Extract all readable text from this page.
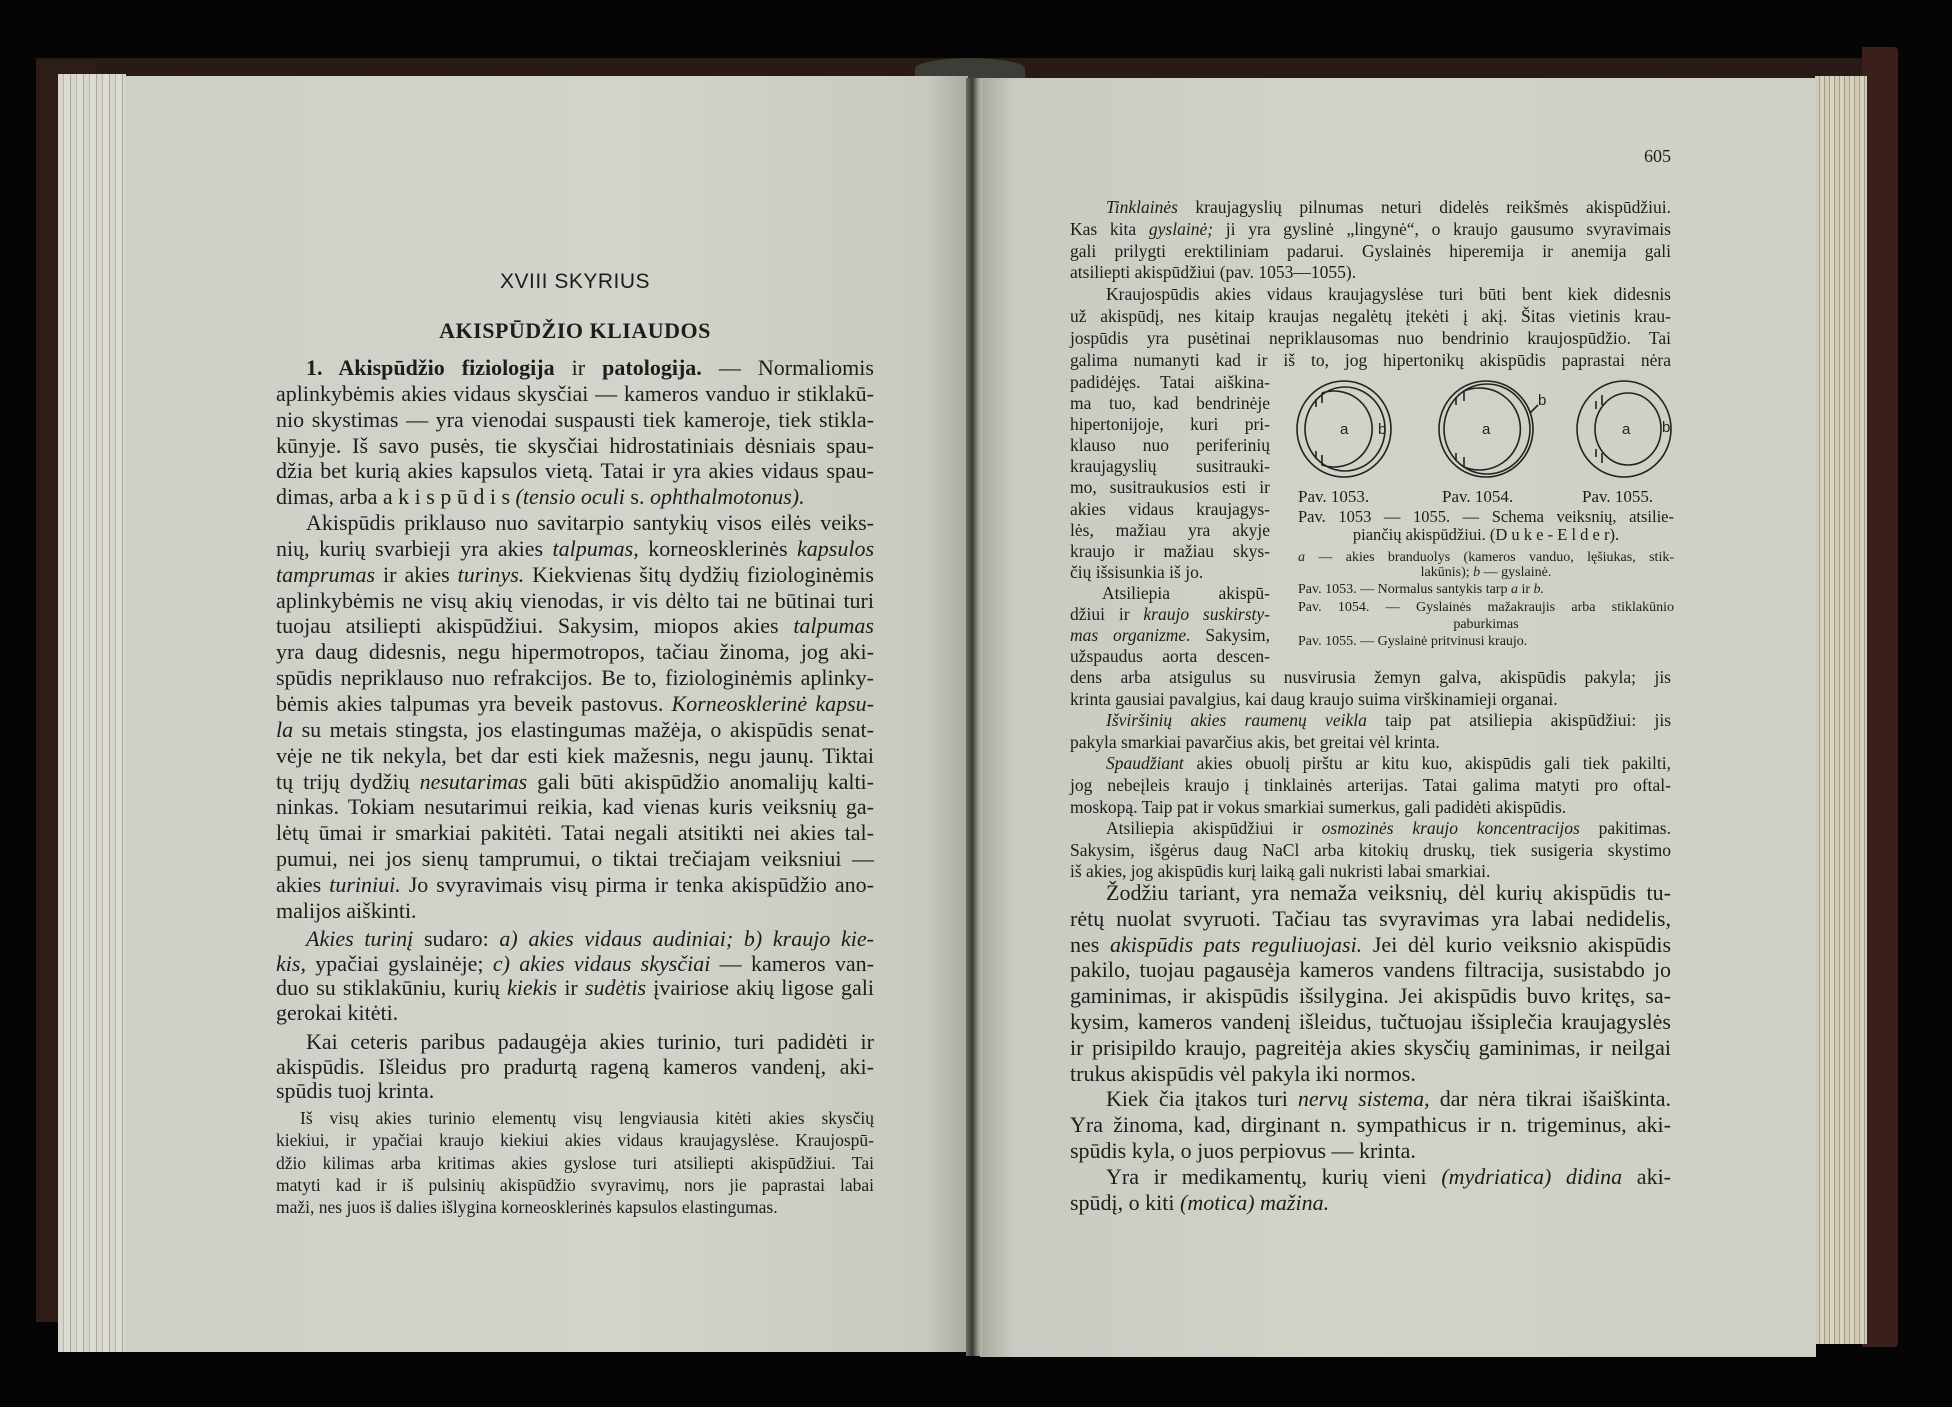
XVIII SKYRIUS
AKISPŪDŽIO KLIAUDOS
1. Akispūdžio fiziologija ir patologija. — Normaliomis
aplinkybėmis akies vidaus skysčiai — kameros vanduo ir stiklakū-
nio skystimas — yra vienodai suspausti tiek kameroje, tiek stikla-
kūnyje. Iš savo pusės, tie skysčiai hidrostatiniais dėsniais spau-
džia bet kurią akies kapsulos vietą. Tatai ir yra akies vidaus spau-
dimas, arba a k i s p ū d i s (tensio oculi s. ophthalmotonus).
Akispūdis priklauso nuo savitarpio santykių visos eilės veiks-
nių, kurių svarbieji yra akies talpumas, korneosklerinės kapsulos
tamprumas ir akies turinys. Kiekvienas šitų dydžių fiziologinėmis
aplinkybėmis ne visų akių vienodas, ir vis dėlto tai ne būtinai turi
tuojau atsiliepti akispūdžiui. Sakysim, miopos akies talpumas
yra daug didesnis, negu hipermotropos, tačiau žinoma, jog aki-
spūdis nepriklauso nuo refrakcijos. Be to, fiziologinėmis aplinky-
bėmis akies talpumas yra beveik pastovus. Korneosklerinė kapsu-
la su metais stingsta, jos elastingumas mažėja, o akispūdis senat-
vėje ne tik nekyla, bet dar esti kiek mažesnis, negu jaunų. Tiktai
tų trijų dydžių nesutarimas gali būti akispūdžio anomalijų kalti-
ninkas. Tokiam nesutarimui reikia, kad vienas kuris veiksnių ga-
lėtų ūmai ir smarkiai pakitėti. Tatai negali atsitikti nei akies tal-
pumui, nei jos sienų tamprumui, o tiktai trečiajam veiksniui —
akies turiniui. Jo svyravimais visų pirma ir tenka akispūdžio ano-
malijos aiškinti.
Akies turinį sudaro: a) akies vidaus audiniai; b) kraujo kie-
kis, ypačiai gyslainėje; c) akies vidaus skysčiai — kameros van-
duo su stiklakūniu, kurių kiekis ir sudėtis įvairiose akių ligose gali
gerokai kitėti.
Kai ceteris paribus padaugėja akies turinio, turi padidėti ir
akispūdis. Išleidus pro pradurtą rageną kameros vandenį, aki-
spūdis tuoj krinta.
Iš visų akies turinio elementų visų lengviausia kitėti akies skysčių
kiekiui, ir ypačiai kraujo kiekiui akies vidaus kraujagyslėse. Kraujospū-
džio kilimas arba kritimas akies gyslose turi atsiliepti akispūdžiui. Tai
matyti kad ir iš pulsinių akispūdžio svyravimų, nors jie paprastai labai
maži, nes juos iš dalies išlygina korneosklerinės kapsulos elastingumas.
605
Tinklainės kraujagyslių pilnumas neturi didelės reikšmės akispūdžiui.
Kas kita gyslainė; ji yra gyslinė „lingynė“, o kraujo gausumo svyravimais
gali prilygti erektiliniam padarui. Gyslainės hiperemija ir anemija gali
atsiliepti akispūdžiui (pav. 1053—1055).
Kraujospūdis akies vidaus kraujagyslėse turi būti bent kiek didesnis
už akispūdį, nes kitaip kraujas negalėtų įtekėti į akį. Šitas vietinis krau-
jospūdis yra pusėtinai nepriklausomas nuo bendrinio kraujospūdžio. Tai
galima numanyti kad ir iš to, jog hipertonikų akispūdis paprastai nėra
padidėjęs. Tatai aiškina-
ma tuo, kad bendrinėje
hipertonijoje, kuri pri-
klauso nuo periferinių
kraujagyslių susitrauki-
mo, susitraukusios esti ir
akies vidaus kraujagys-
lės, mažiau yra akyje
kraujo ir mažiau skys-
čių išsisunkia iš jo.
Atsiliepia akispū-
džiui ir kraujo suskirsty-
mas organizme. Sakysim,
užspaudus aorta descen-
a b	a
b
a b
Pav. 1053.	Pav. 1054.	Pav. 1055.
Pav. 1053 — 1055. — Schema veiksnių, atsilie-
piančių akispūdžiui. (D u k e - E l d e r).
a — akies branduolys (kameros vanduo, lęšiukas, stik-
lakūnis); b — gyslainė.
Pav. 1053. — Normalus santykis tarp a ir b.
Pav. 1054. — Gyslainės mažakraujis arba stiklakūnio
paburkimas
Pav. 1055. — Gyslainė pritvinusi kraujo.
dens arba atsigulus su nusvirusia žemyn galva, akispūdis pakyla; jis
krinta gausiai pavalgius, kai daug kraujo suima virškinamieji organai.
Išviršinių akies raumenų veikla taip pat atsiliepia akispūdžiui: jis
pakyla smarkiai pavarčius akis, bet greitai vėl krinta.
Spaudžiant akies obuolį pirštu ar kitu kuo, akispūdis gali tiek pakilti,
jog nebeįleis kraujo į tinklainės arterijas. Tatai galima matyti pro oftal-
moskopą. Taip pat ir vokus smarkiai sumerkus, gali padidėti akispūdis.
Atsiliepia akispūdžiui ir osmozinės kraujo koncentracijos pakitimas.
Sakysim, išgėrus daug NaCl arba kitokių druskų, tiek susigeria skystimo
iš akies, jog akispūdis kurį laiką gali nukristi labai smarkiai.
Žodžiu tariant, yra nemaža veiksnių, dėl kurių akispūdis tu-
rėtų nuolat svyruoti. Tačiau tas svyravimas yra labai nedidelis,
nes akispūdis pats reguliuojasi. Jei dėl kurio veiksnio akispūdis
pakilo, tuojau pagausėja kameros vandens filtracija, susistabdo jo
gaminimas, ir akispūdis išsilygina. Jei akispūdis buvo kritęs, sa-
kysim, kameros vandenį išleidus, tučtuojau išsiplečia kraujagyslės
ir prisipildo kraujo, pagreitėja akies skysčių gaminimas, ir neilgai
trukus akispūdis vėl pakyla iki normos.
Kiek čia įtakos turi nervų sistema, dar nėra tikrai išaiškinta.
Yra žinoma, kad, dirginant n. sympathicus ir n. trigeminus, aki-
spūdis kyla, o juos perpiovus — krinta.
Yra ir medikamentų, kurių vieni (mydriatica) didina aki-
spūdį, o kiti (motica) mažina.
